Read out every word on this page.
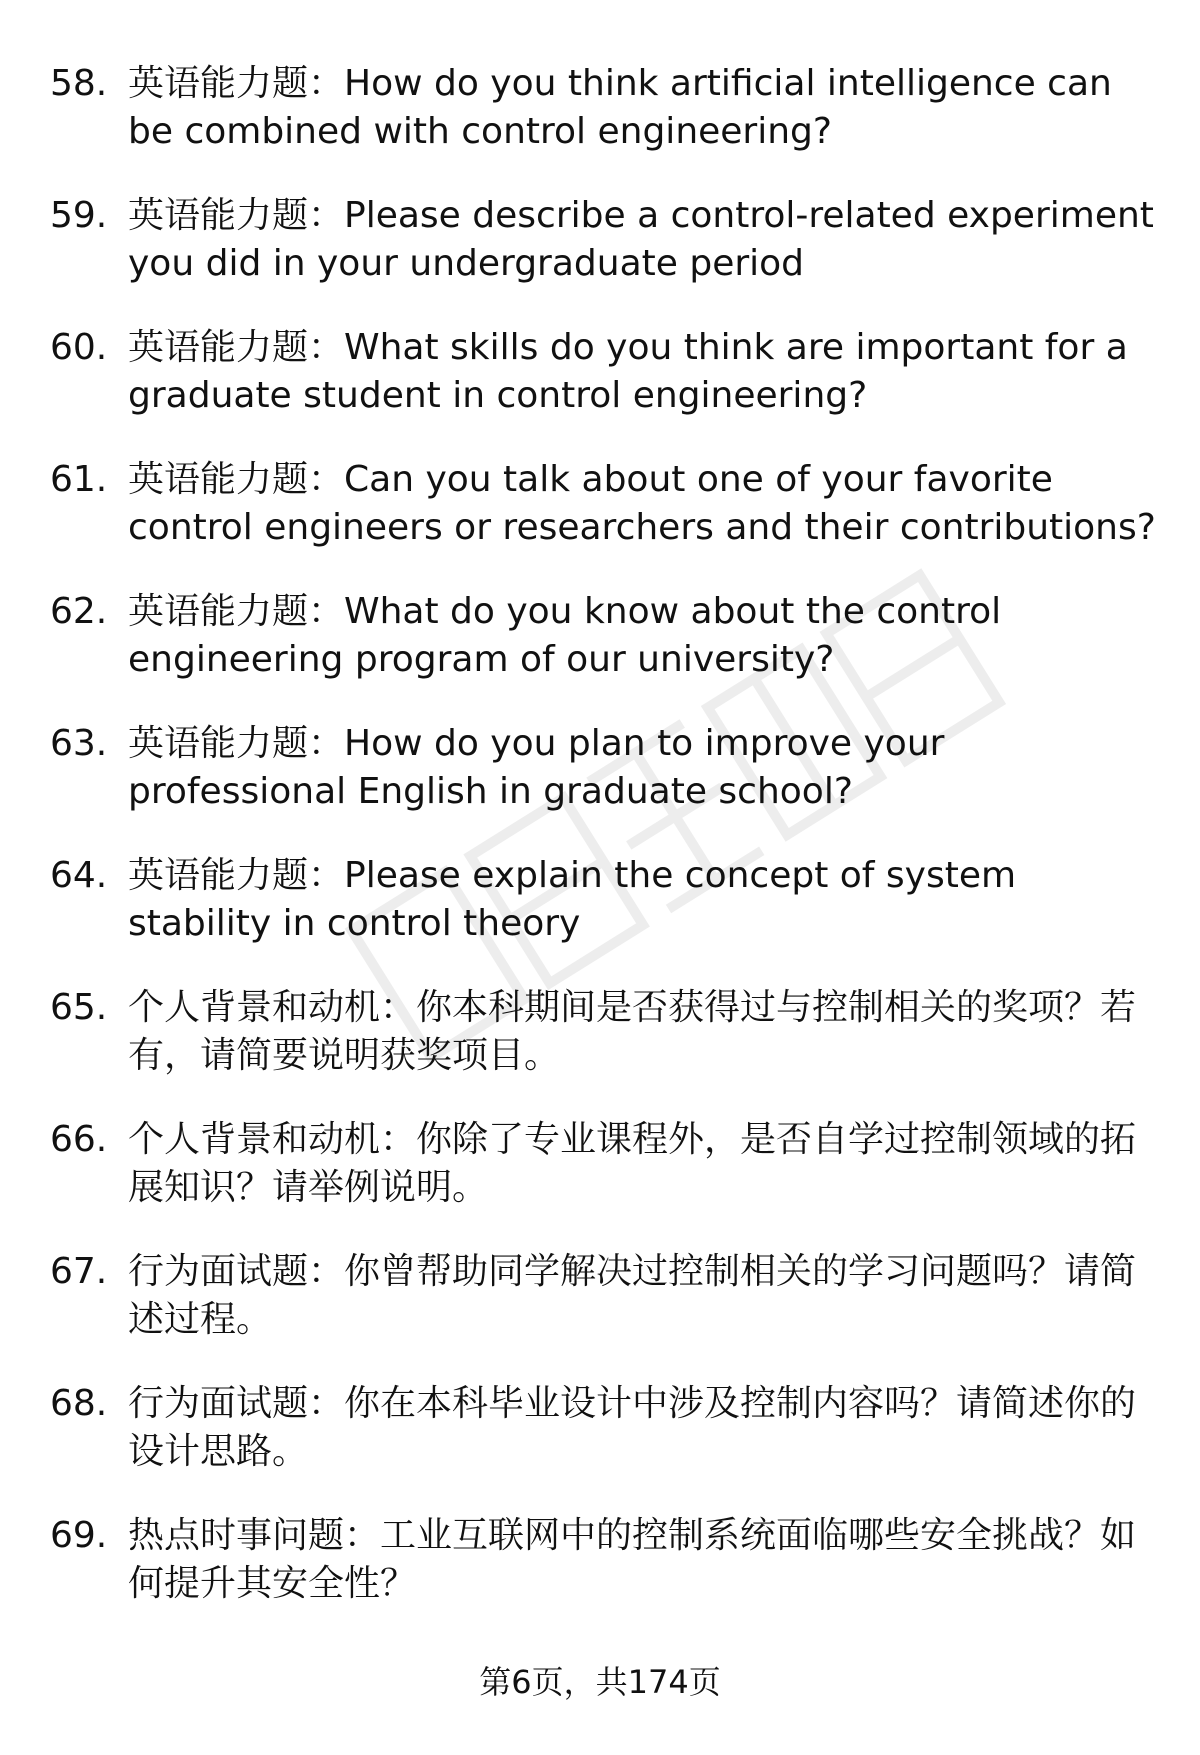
58. 英语能力题：How do you think artificial intelligence can be combined with control engineering?
59. 英语能力题：Please describe a control-related experiment you did in your undergraduate period
60. 英语能力题：What skills do you think are important for a graduate student in control engineering?
61. 英语能力题：Can you talk about one of your favorite control engineers or researchers and their contributions?
62. 英语能力题：What do you know about the control engineering program of our university?
63. 英语能力题：How do you plan to improve your professional English in graduate school?
64. 英语能力题：Please explain the concept of system stability in control theory
65. 个人背景和动机：你本科期间是否获得过与控制相关的奖项？若有，请简要说明获奖项目。
66. 个人背景和动机：你除了专业课程外，是否自学过控制领域的拓展知识？请举例说明。
67. 行为面试题：你曾帮助同学解决过控制相关的学习问题吗？请简述过程。
68. 行为面试题：你在本科毕业设计中涉及控制内容吗？请简述你的设计思路。
69. 热点时事问题：工业互联网中的控制系统面临哪些安全挑战？如何提升其安全性？
第6页，共174页
